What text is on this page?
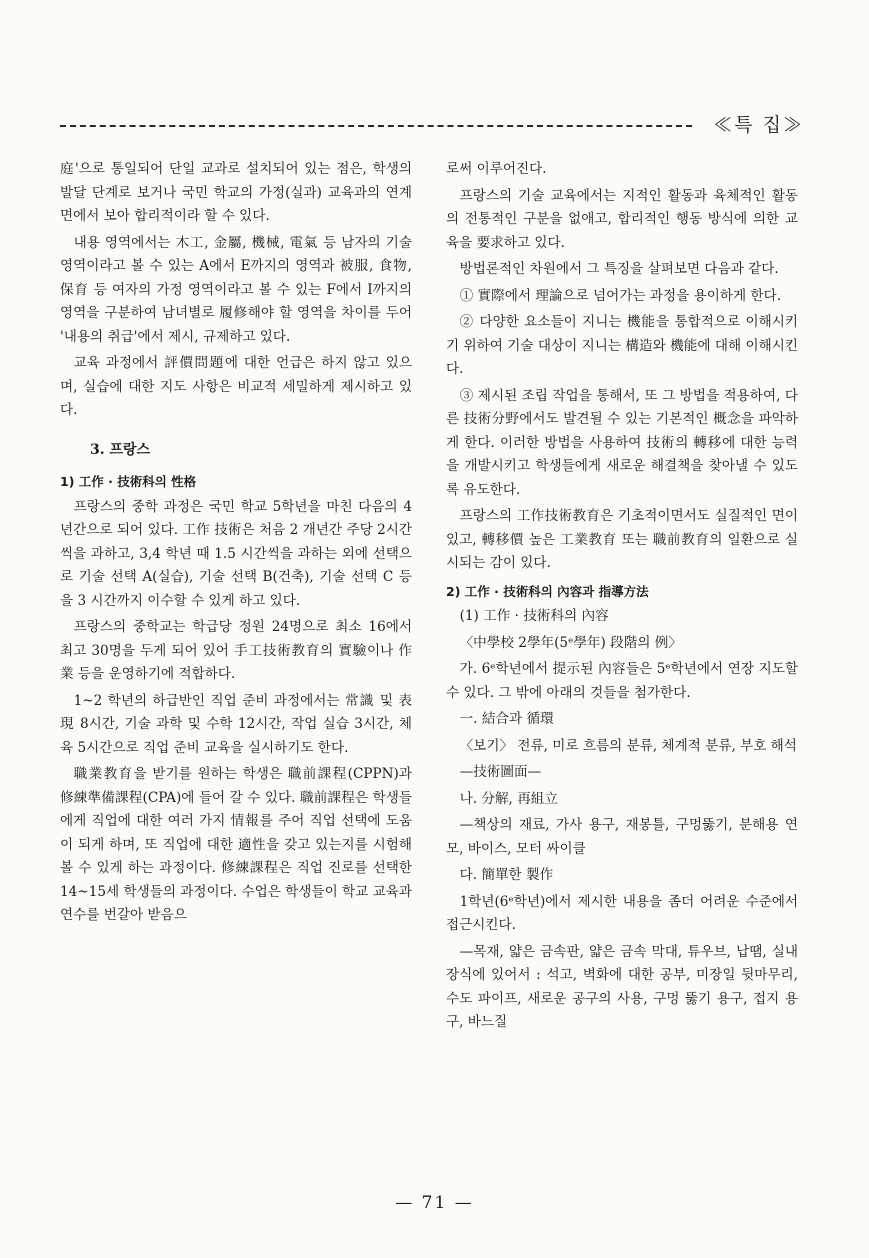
≪특 집≫

庭'으로 통일되어 단일 교과로 설치되어 있는 점은, 학생의 발달 단계로 보거나 국민 학교의 가정(실과) 교육과의 연계면에서 보아 합리적이라 할 수 있다.

내용 영역에서는 木工, 金屬, 機械, 電氣 등 남자의 기술 영역이라고 볼 수 있는 A에서 E까지의 영역과 被服, 食物, 保育 등 여자의 가정 영역이라고 볼 수 있는 F에서 I까지의 영역을 구분하여 남녀별로 履修해야 할 영역을 차이를 두어 '내용의 취급'에서 제시, 규제하고 있다.

교육 과정에서 評價問題에 대한 언급은 하지 않고 있으며, 실습에 대한 지도 사항은 비교적 세밀하게 제시하고 있다.

3. 프랑스
1) 工作 · 技術科의 性格

프랑스의 중학 과정은 국민 학교 5학년을 마친 다음의 4년간으로 되어 있다. 工作 技術은 처음 2 개년간 주당 2시간씩을 과하고, 3,4 학년 때 1.5 시간씩을 과하는 외에 선택으로 기술 선택 A(실습), 기술 선택 B(건축), 기술 선택 C 등을 3 시간까지 이수할 수 있게 하고 있다.

프랑스의 중학교는 학급당 정원 24명으로 최소 16에서 최고 30명을 두게 되어 있어 手工技術教育의 實驗이나 作業 등을 운영하기에 적합하다.

1~2 학년의 하급반인 직업 준비 과정에서는 常識 및 表現 8시간, 기술 과학 및 수학 12시간, 작업 실습 3시간, 체육 5시간으로 직업 준비 교육을 실시하기도 한다.

職業教育을 받기를 원하는 학생은 職前課程(CPPN)과 修練準備課程(CPA)에 들어 갈 수 있다. 職前課程은 학생들에게 직업에 대한 여러 가지 情報를 주어 직업 선택에 도움이 되게 하며, 또 직업에 대한 適性을 갖고 있는지를 시험해 볼 수 있게 하는 과정이다. 修練課程은 직업 진로를 선택한 14~15세 학생들의 과정이다. 수업은 학생들이 학교 교육과 연수를 번갈아 받음으

로써 이루어진다.

프랑스의 기술 교육에서는 지적인 활동과 육체적인 활동의 전통적인 구분을 없애고, 합리적인 행동 방식에 의한 교육을 要求하고 있다.

방법론적인 차원에서 그 특징을 살펴보면 다음과 같다.

① 實際에서 理論으로 넘어가는 과정을 용이하게 한다.

② 다양한 요소들이 지니는 機能을 통합적으로 이해시키기 위하여 기술 대상이 지니는 構造와 機能에 대해 이해시킨다.

③ 제시된 조립 작업을 통해서, 또 그 방법을 적용하여, 다른 技術分野에서도 발견될 수 있는 기본적인 概念을 파악하게 한다. 이러한 방법을 사용하여 技術의 轉移에 대한 능력을 개발시키고 학생들에게 새로운 해결책을 찾아낼 수 있도록 유도한다.

프랑스의 工作技術教育은 기초적이면서도 실질적인 면이 있고, 轉移價 높은 工業教育 또는 職前教育의 일환으로 실시되는 감이 있다.

2) 工作 · 技術科의 內容과 指導方法

(1) 工作 · 技術科의 內容

〈中學校 2學年(5ᵉ學年) 段階의 例〉

가. 6ᵉ학년에서 提示된 內容들은 5ᵉ학년에서 연장 지도할 수 있다. 그 밖에 아래의 것들을 첨가한다.

一. 結合과 循環

〈보기〉 전류, 미로 흐름의 분류, 체계적 분류, 부호 해석

—技術圖面—

나. 分解, 再組立

—책상의 재료, 가사 용구, 재봉틀, 구멍뚫기, 분해용 연모, 바이스, 모터 싸이클

다. 簡單한 製作

1학년(6ᵉ학년)에서 제시한 내용을 좀더 어려운 수준에서 접근시킨다.

—목재, 얇은 금속판, 얇은 금속 막대, 튜우브, 납땜, 실내 장식에 있어서 : 석고, 벽화에 대한 공부, 미장일 뒷마무리, 수도 파이프, 새로운 공구의 사용, 구멍 뚫기 용구, 접지 용구, 바느질

— 71 —
